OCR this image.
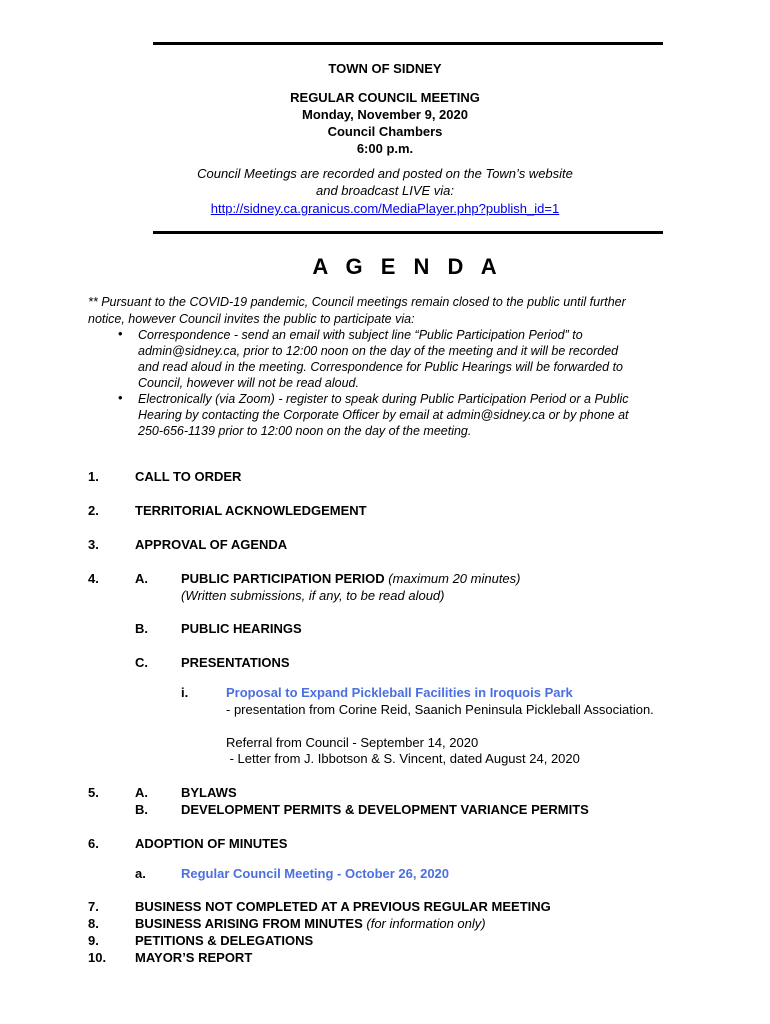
TOWN OF SIDNEY
REGULAR COUNCIL MEETING
Monday, November 9, 2020
Council Chambers
6:00 p.m.
Council Meetings are recorded and posted on the Town’s website
and broadcast LIVE via:
http://sidney.ca.granicus.com/MediaPlayer.php?publish_id=1
A G E N D A
** Pursuant to the COVID-19 pandemic, Council meetings remain closed to the public until further
notice, however Council invites the public to participate via:
• Correspondence - send an email with subject line “Public Participation Period” to
admin@sidney.ca, prior to 12:00 noon on the day of the meeting and it will be recorded
and read aloud in the meeting. Correspondence for Public Hearings will be forwarded to
Council, however will not be read aloud.
• Electronically (via Zoom) - register to speak during Public Participation Period or a Public
Hearing by contacting the Corporate Officer by email at admin@sidney.ca or by phone at
250-656-1139 prior to 12:00 noon on the day of the meeting.
1.	CALL TO ORDER
2.	TERRITORIAL ACKNOWLEDGEMENT
3.	APPROVAL OF AGENDA
4.	A.	PUBLIC PARTICIPATION PERIOD (maximum 20 minutes)
(Written submissions, if any, to be read aloud)
B.	PUBLIC HEARINGS
C.	PRESENTATIONS
i.	Proposal to Expand Pickleball Facilities in Iroquois Park
- presentation from Corine Reid, Saanich Peninsula Pickleball Association.
Referral from Council - September 14, 2020
- Letter from J. Ibbotson & S. Vincent, dated August 24, 2020
5.	A.	BYLAWS
B.	DEVELOPMENT PERMITS & DEVELOPMENT VARIANCE PERMITS
6.	ADOPTION OF MINUTES
a.	Regular Council Meeting - October 26, 2020
7.	BUSINESS NOT COMPLETED AT A PREVIOUS REGULAR MEETING
8.	BUSINESS ARISING FROM MINUTES (for information only)
9.	PETITIONS & DELEGATIONS
10. MAYOR’S REPORT
